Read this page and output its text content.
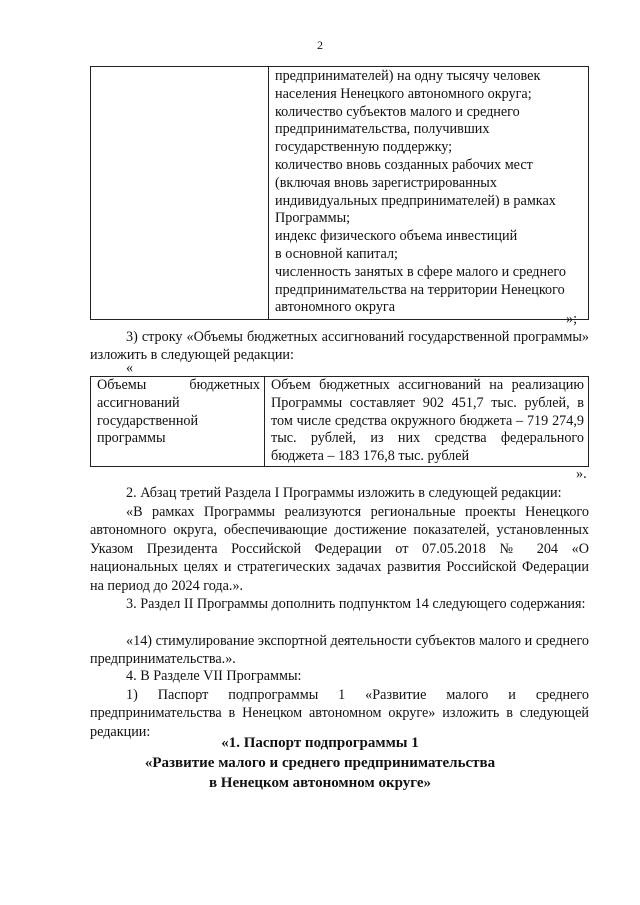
2

предпринимателей) на одну тысячу человек
населения Ненецкого автономного округа;
количество субъектов малого и среднего
предпринимательства, получивших
государственную поддержку;
количество вновь созданных рабочих мест
(включая вновь зарегистрированных
индивидуальных предпринимателей) в рамках
Программы;
индекс физического объема инвестиций
в основной капитал;
численность занятых в сфере малого и среднего
предпринимательства на территории Ненецкого
автономного округа
»;
3) строку «Объемы бюджетных ассигнований государственной программы» изложить в следующей редакции:
«
Объемы бюджетных ассигнований государственной программы	Объем бюджетных ассигнований на реализацию Программы составляет 902 451,7 тыс. рублей, в том числе средства окружного бюджета – 719 274,9 тыс. рублей, из них средства федерального бюджета – 183 176,8 тыс. рублей
».
2. Абзац третий Раздела I Программы изложить в следующей редакции:
«В рамках Программы реализуются региональные проекты Ненецкого автономного округа, обеспечивающие достижение показателей, установленных Указом Президента Российской Федерации от 07.05.2018 № 204 «О национальных целях и стратегических задачах развития Российской Федерации на период до 2024 года.».
3. Раздел II Программы дополнить подпунктом 14 следующего содержания:
«14) стимулирование экспортной деятельности субъектов малого и среднего предпринимательства.».
4. В Разделе VII Программы:
1) Паспорт подпрограммы 1 «Развитие малого и среднего предпринимательства в Ненецком автономном округе» изложить в следующей редакции:
«1. Паспорт подпрограммы 1
«Развитие малого и среднего предпринимательства
в Ненецком автономном округе»
